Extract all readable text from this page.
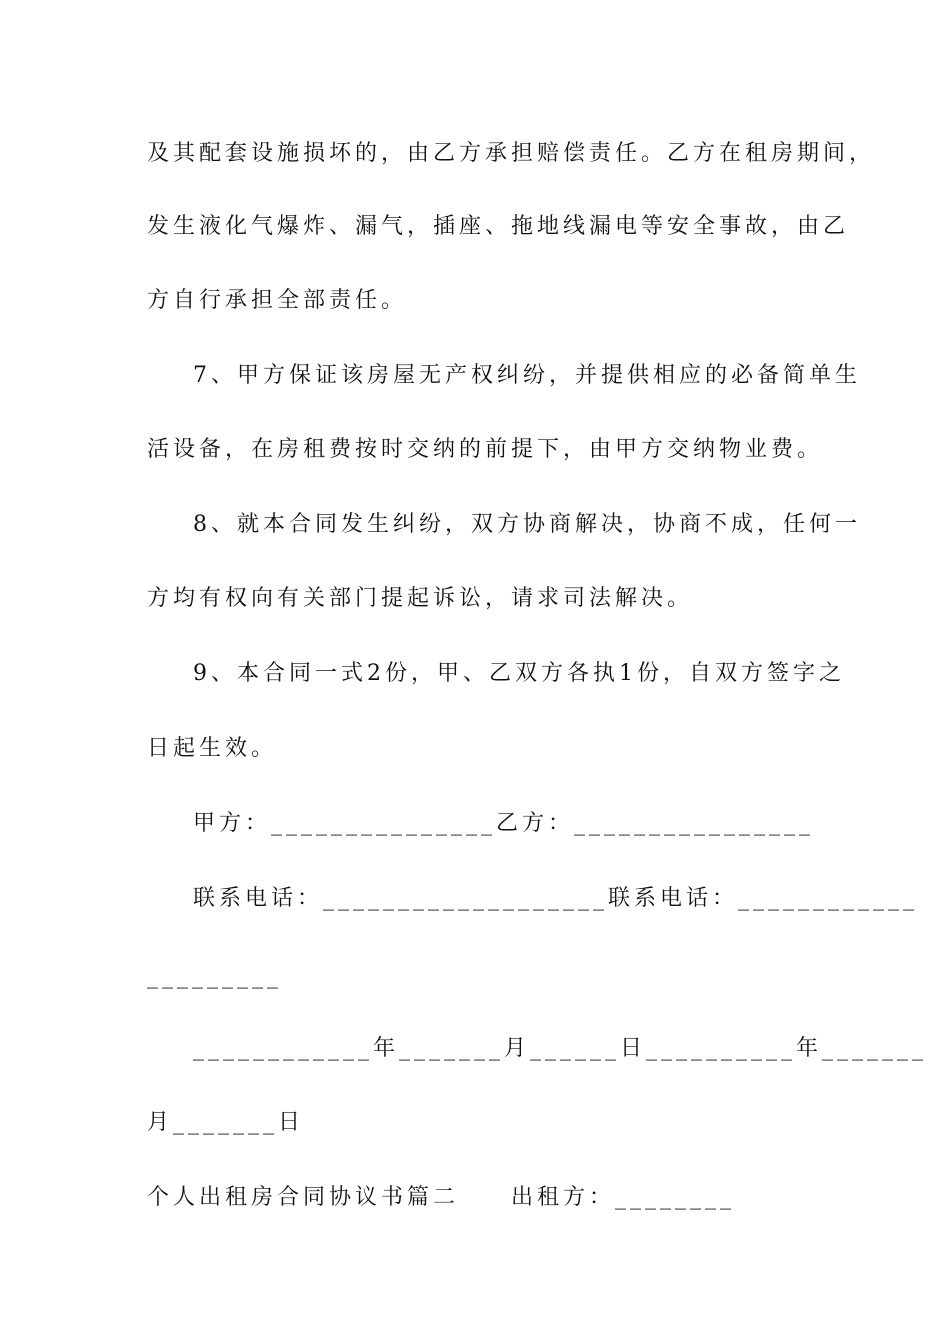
及其配套设施损坏的，由乙方承担赔偿责任。乙方在租房期间，
发生液化气爆炸、漏气，插座、拖地线漏电等安全事故，由乙
方自行承担全部责任。
7、甲方保证该房屋无产权纠纷，并提供相应的必备简单生
活设备，在房租费按时交纳的前提下，由甲方交纳物业费。
8、就本合同发生纠纷，双方协商解决，协商不成，任何一
方均有权向有关部门提起诉讼，请求司法解决。
9、本合同一式2份，甲、乙双方各执1份，自双方签字之
日起生效。
甲方：_______________乙方：________________
联系电话：___________________联系电话：____________
_________
____________年_______月______日__________年_______
月_______日
个人出租房合同协议书篇二　　出租方：________
